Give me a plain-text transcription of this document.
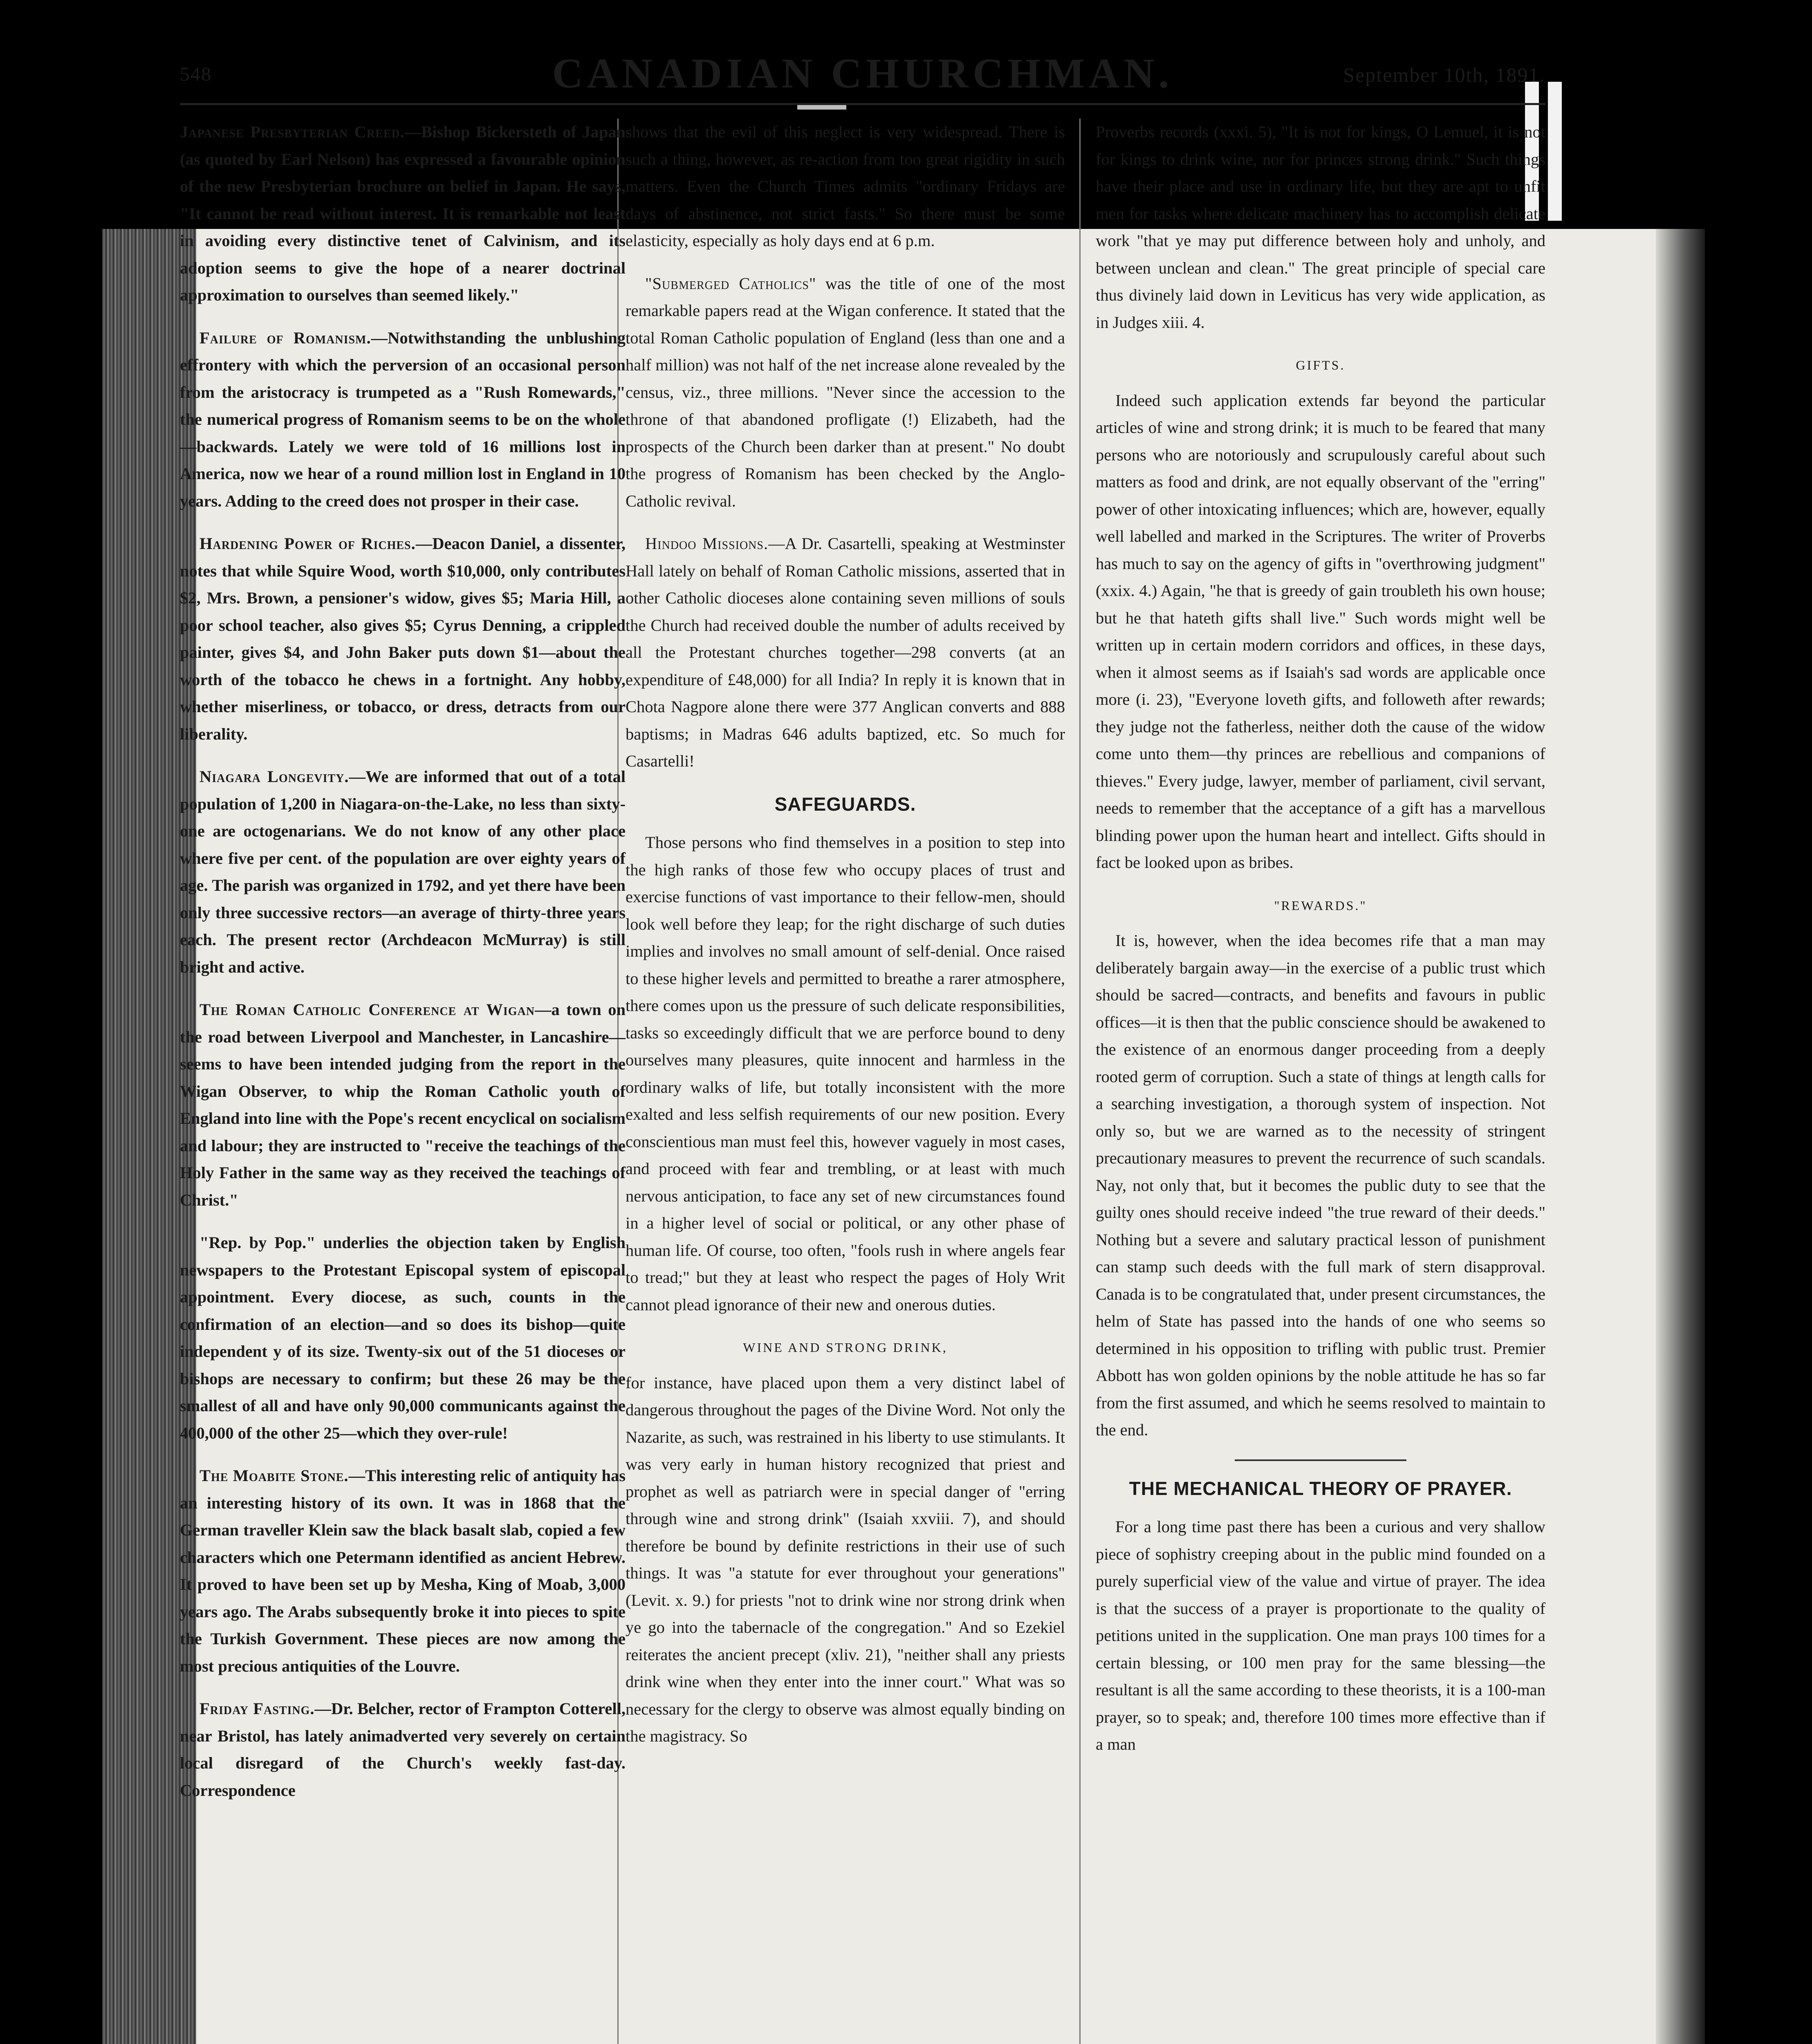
548	CANADIAN CHURCHMAN.	September 10th, 1891.

Japanese Presbyterian Creed.—Bishop Bickersteth of Japan (as quoted by Earl Nelson) has expressed a favourable opinion of the new Presbyterian brochure on belief in Japan. He says, "It cannot be read without interest. It is remarkable not least in avoiding every distinctive tenet of Calvinism, and its adoption seems to give the hope of a nearer doctrinal approximation to ourselves than seemed likely."

Failure of Romanism.—Notwithstanding the unblushing effrontery with which the perversion of an occasional person from the aristocracy is trumpeted as a "Rush Romewards," the numerical progress of Romanism seems to be on the whole—backwards. Lately we were told of 16 millions lost in America, now we hear of a round million lost in England in 10 years. Adding to the creed does not prosper in their case.

Hardening Power of Riches.—Deacon Daniel, a dissenter, notes that while Squire Wood, worth $10,000, only contributes $2, Mrs. Brown, a pensioner's widow, gives $5; Maria Hill, a poor school teacher, also gives $5; Cyrus Denning, a crippled painter, gives $4, and John Baker puts down $1—about the worth of the tobacco he chews in a fortnight. Any hobby, whether miserliness, or tobacco, or dress, detracts from our liberality.

Niagara Longevity.—We are informed that out of a total population of 1,200 in Niagara-on-the-Lake, no less than sixty-one are octogenarians. We do not know of any other place where five per cent. of the population are over eighty years of age. The parish was organized in 1792, and yet there have been only three successive rectors—an average of thirty-three years each. The present rector (Archdeacon McMurray) is still bright and active.

The Roman Catholic Conference at Wigan—a town on the road between Liverpool and Manchester, in Lancashire—seems to have been intended judging from the report in the Wigan Observer, to whip the Roman Catholic youth of England into line with the Pope's recent encyclical on socialism and labour; they are instructed to "receive the teachings of the Holy Father in the same way as they received the teachings of Christ."

"Rep. by Pop." underlies the objection taken by English newspapers to the Protestant Episcopal system of episcopal appointment. Every diocese, as such, counts in the confirmation of an election—and so does its bishop—quite independent y of its size. Twenty-six out of the 51 dioceses or bishops are necessary to confirm; but these 26 may be the smallest of all and have only 90,000 communicants against the 400,000 of the other 25—which they over-rule!

The Moabite Stone.—This interesting relic of antiquity has an interesting history of its own. It was in 1868 that the German traveller Klein saw the black basalt slab, copied a few characters which one Petermann identified as ancient Hebrew. It proved to have been set up by Mesha, King of Moab, 3,000 years ago. The Arabs subsequently broke it into pieces to spite the Turkish Government. These pieces are now among the most precious antiquities of the Louvre.

Friday Fasting.—Dr. Belcher, rector of Frampton Cotterell, near Bristol, has lately animadverted very severely on certain local disregard of the Church's weekly fast-day. Correspondence

shows that the evil of this neglect is very widespread. There is such a thing, however, as re-action from too great rigidity in such matters. Even the Church Times admits "ordinary Fridays are days of abstinence, not strict fasts." So there must be some elasticity, especially as holy days end at 6 p.m.

"Submerged Catholics" was the title of one of the most remarkable papers read at the Wigan conference. It stated that the total Roman Catholic population of England (less than one and a half million) was not half of the net increase alone revealed by the census, viz., three millions. "Never since the accession to the throne of that abandoned profligate (!) Elizabeth, had the prospects of the Church been darker than at present." No doubt the progress of Romanism has been checked by the Anglo-Catholic revival.

Hindoo Missions.—A Dr. Casartelli, speaking at Westminster Hall lately on behalf of Roman Catholic missions, asserted that in other Catholic dioceses alone containing seven millions of souls the Church had received double the number of adults received by all the Protestant churches together—298 converts (at an expenditure of £48,000) for all India? In reply it is known that in Chota Nagpore alone there were 377 Anglican converts and 888 baptisms; in Madras 646 adults baptized, etc. So much for Casartelli!

SAFEGUARDS.

Those persons who find themselves in a position to step into the high ranks of those few who occupy places of trust and exercise functions of vast importance to their fellow-men, should look well before they leap; for the right discharge of such duties implies and involves no small amount of self-denial. Once raised to these higher levels and permitted to breathe a rarer atmosphere, there comes upon us the pressure of such delicate responsibilities, tasks so exceedingly difficult that we are perforce bound to deny ourselves many pleasures, quite innocent and harmless in the ordinary walks of life, but totally inconsistent with the more exalted and less selfish requirements of our new position. Every conscientious man must feel this, however vaguely in most cases, and proceed with fear and trembling, or at least with much nervous anticipation, to face any set of new circumstances found in a higher level of social or political, or any other phase of human life. Of course, too often, "fools rush in where angels fear to tread;" but they at least who respect the pages of Holy Writ cannot plead ignorance of their new and onerous duties.

WINE AND STRONG DRINK,

for instance, have placed upon them a very distinct label of dangerous throughout the pages of the Divine Word. Not only the Nazarite, as such, was restrained in his liberty to use stimulants. It was very early in human history recognized that priest and prophet as well as patriarch were in special danger of "erring through wine and strong drink" (Isaiah xxviii. 7), and should therefore be bound by definite restrictions in their use of such things. It was "a statute for ever throughout your generations" (Levit. x. 9.) for priests "not to drink wine nor strong drink when ye go into the tabernacle of the congregation." And so Ezekiel reiterates the ancient precept (xliv. 21), "neither shall any priests drink wine when they enter into the inner court." What was so necessary for the clergy to observe was almost equally binding on the magistracy. So

Proverbs records (xxxi. 5), "It is not for kings, O Lemuel, it is not for kings to drink wine, nor for princes strong drink." Such things have their place and use in ordinary life, but they are apt to unfit men for tasks where delicate machinery has to accomplish delicate work "that ye may put difference between holy and unholy, and between unclean and clean." The great principle of special care thus divinely laid down in Leviticus has very wide application, as in Judges xiii. 4.

GIFTS.

Indeed such application extends far beyond the particular articles of wine and strong drink; it is much to be feared that many persons who are notoriously and scrupulously careful about such matters as food and drink, are not equally observant of the "erring" power of other intoxicating influences; which are, however, equally well labelled and marked in the Scriptures. The writer of Proverbs has much to say on the agency of gifts in "overthrowing judgment" (xxix. 4.) Again, "he that is greedy of gain troubleth his own house; but he that hateth gifts shall live." Such words might well be written up in certain modern corridors and offices, in these days, when it almost seems as if Isaiah's sad words are applicable once more (i. 23), "Everyone loveth gifts, and followeth after rewards; they judge not the fatherless, neither doth the cause of the widow come unto them—thy princes are rebellious and companions of thieves." Every judge, lawyer, member of parliament, civil servant, needs to remember that the acceptance of a gift has a marvellous blinding power upon the human heart and intellect. Gifts should in fact be looked upon as bribes.

"REWARDS."

It is, however, when the idea becomes rife that a man may deliberately bargain away—in the exercise of a public trust which should be sacred—contracts, and benefits and favours in public offices—it is then that the public conscience should be awakened to the existence of an enormous danger proceeding from a deeply rooted germ of corruption. Such a state of things at length calls for a searching investigation, a thorough system of inspection. Not only so, but we are warned as to the necessity of stringent precautionary measures to prevent the recurrence of such scandals. Nay, not only that, but it becomes the public duty to see that the guilty ones should receive indeed "the true reward of their deeds." Nothing but a severe and salutary practical lesson of punishment can stamp such deeds with the full mark of stern disapproval. Canada is to be congratulated that, under present circumstances, the helm of State has passed into the hands of one who seems so determined in his opposition to trifling with public trust. Premier Abbott has won golden opinions by the noble attitude he has so far from the first assumed, and which he seems resolved to maintain to the end.

THE MECHANICAL THEORY OF PRAYER.

For a long time past there has been a curious and very shallow piece of sophistry creeping about in the public mind founded on a purely superficial view of the value and virtue of prayer. The idea is that the success of a prayer is proportionate to the quality of petitions united in the supplication. One man prays 100 times for a certain blessing, or 100 men pray for the same blessing—the resultant is all the same according to these theorists, it is a 100-man prayer, so to speak; and, therefore 100 times more effective than if a man
